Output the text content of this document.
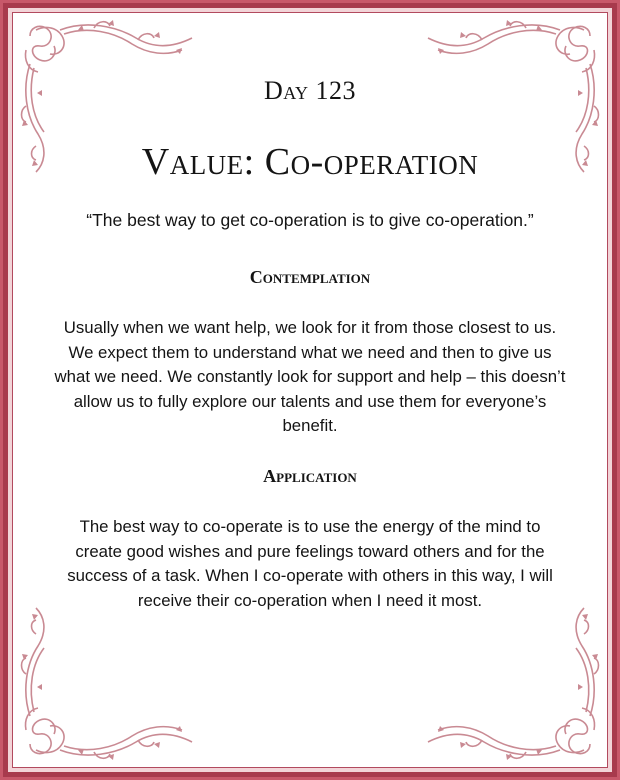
Day 123
Value: Co-operation
“The best way to get co-operation is to give co-operation.”
Contemplation
Usually when we want help, we look for it from those closest to us. We expect them to understand what we need and then to give us what we need. We constantly look for support and help – this doesn’t allow us to fully explore our talents and use them for everyone’s benefit.
Application
The best way to co-operate is to use the energy of the mind to create good wishes and pure feelings toward others and for the success of a task. When I co-operate with others in this way, I will receive their co-operation when I need it most.
